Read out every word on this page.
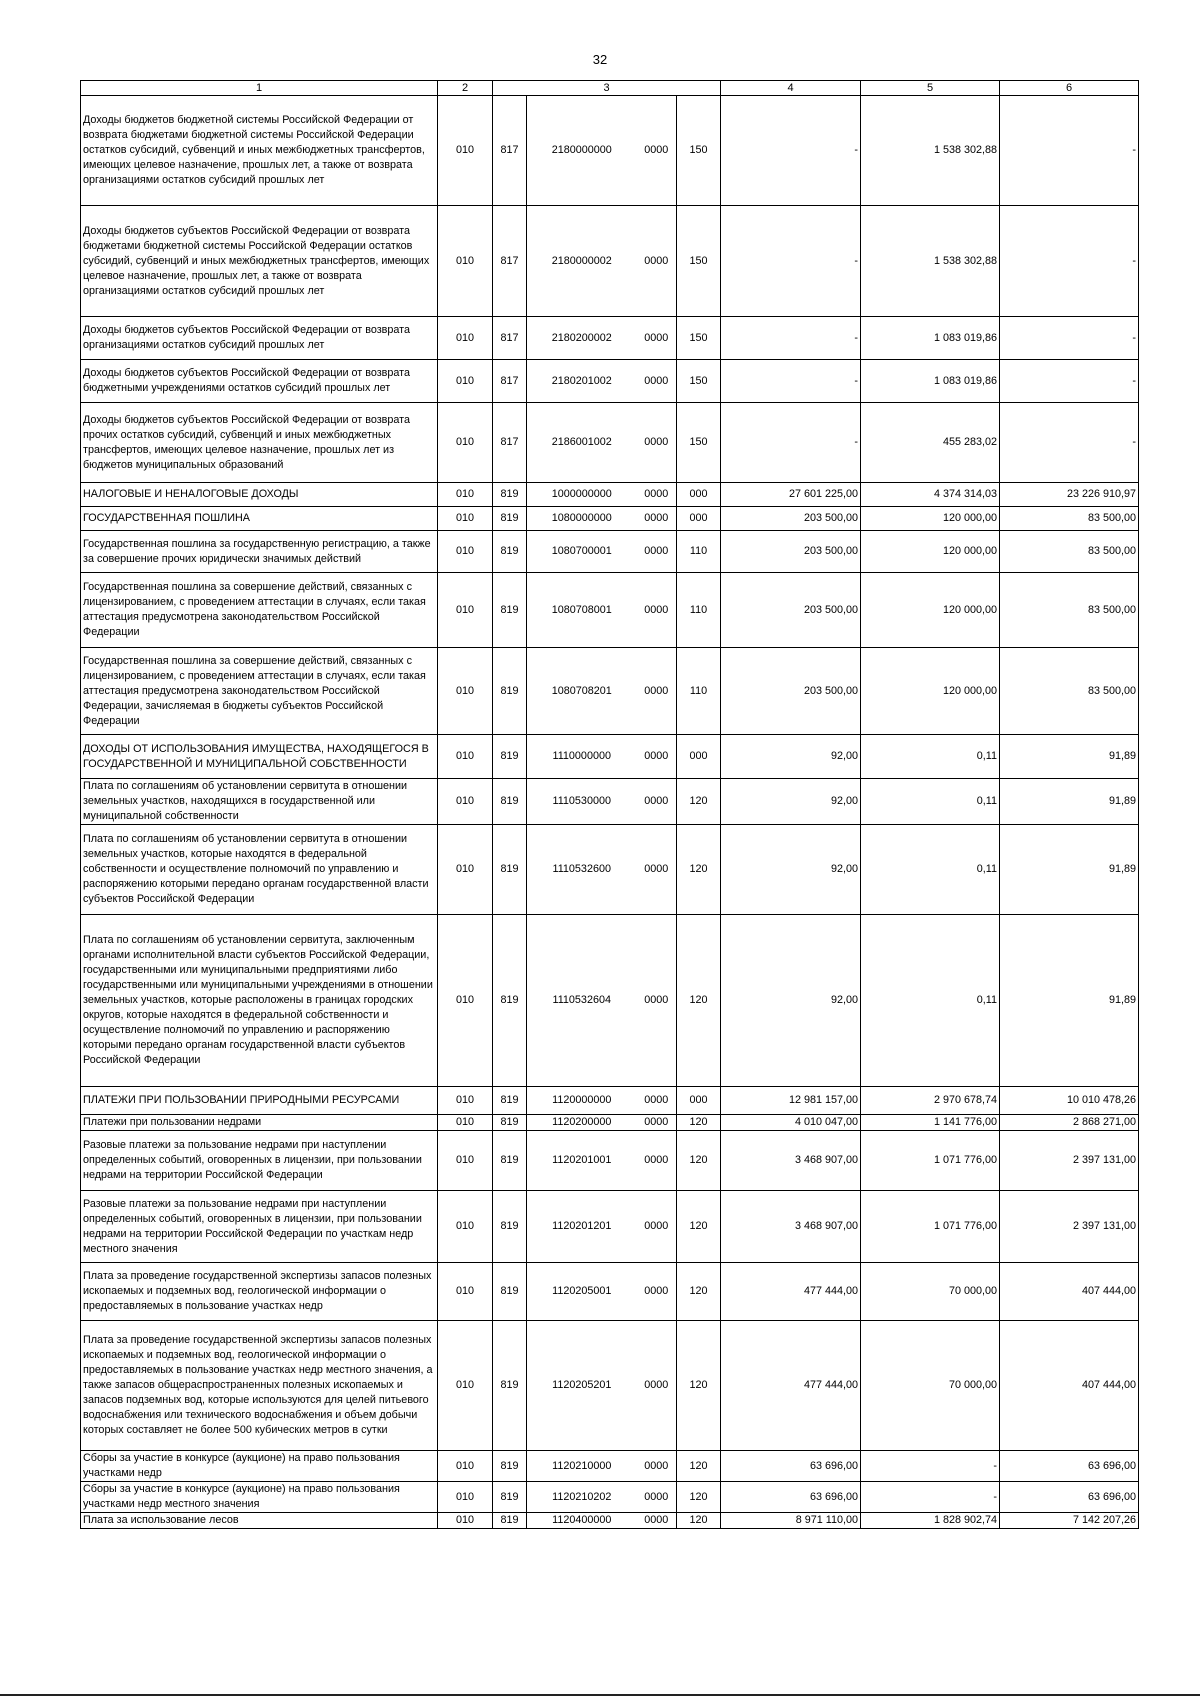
32
1	2	3				4	5	6
Доходы бюджетов бюджетной системы Российской Федерации от возврата бюджетами бюджетной системы Российской Федерации остатков субсидий, субвенций и иных межбюджетных трансфертов, имеющих целевое назначение, прошлых лет, а также от возврата организациями остатков субсидий прошлых лет	010	817	2180000000	0000	150	-	1 538 302,88	-
Доходы бюджетов субъектов Российской Федерации от возврата бюджетами бюджетной системы Российской Федерации остатков субсидий, субвенций и иных межбюджетных трансфертов, имеющих целевое назначение, прошлых лет, а также от возврата организациями остатков субсидий прошлых лет	010	817	2180000002	0000	150	-	1 538 302,88	-
Доходы бюджетов субъектов Российской Федерации от возврата организациями остатков субсидий прошлых лет	010	817	2180200002	0000	150	-	1 083 019,86	-
Доходы бюджетов субъектов Российской Федерации от возврата бюджетными учреждениями остатков субсидий прошлых лет	010	817	2180201002	0000	150	-	1 083 019,86	-
Доходы бюджетов субъектов Российской Федерации от возврата прочих остатков субсидий, субвенций и иных межбюджетных трансфертов, имеющих целевое назначение, прошлых лет из бюджетов муниципальных образований	010	817	2186001002	0000	150	-	455 283,02	-
НАЛОГОВЫЕ И НЕНАЛОГОВЫЕ ДОХОДЫ	010	819	1000000000	0000	000	27 601 225,00	4 374 314,03	23 226 910,97
ГОСУДАРСТВЕННАЯ ПОШЛИНА	010	819	1080000000	0000	000	203 500,00	120 000,00	83 500,00
Государственная пошлина за государственную регистрацию, а также за совершение прочих юридически значимых действий	010	819	1080700001	0000	110	203 500,00	120 000,00	83 500,00
Государственная пошлина за совершение действий, связанных с лицензированием, с проведением аттестации в случаях, если такая аттестация предусмотрена законодательством Российской Федерации	010	819	1080708001	0000	110	203 500,00	120 000,00	83 500,00
Государственная пошлина за совершение действий, связанных с лицензированием, с проведением аттестации в случаях, если такая аттестация предусмотрена законодательством Российской Федерации, зачисляемая в бюджеты субъектов Российской Федерации	010	819	1080708201	0000	110	203 500,00	120 000,00	83 500,00
ДОХОДЫ ОТ ИСПОЛЬЗОВАНИЯ ИМУЩЕСТВА, НАХОДЯЩЕГОСЯ В ГОСУДАРСТВЕННОЙ И МУНИЦИПАЛЬНОЙ СОБСТВЕННОСТИ	010	819	1110000000	0000	000	92,00	0,11	91,89
Плата по соглашениям об установлении сервитута в отношении земельных участков, находящихся в государственной или муниципальной собственности	010	819	1110530000	0000	120	92,00	0,11	91,89
Плата по соглашениям об установлении сервитута в отношении земельных участков, которые находятся в федеральной собственности и осуществление полномочий по управлению и распоряжению которыми передано органам государственной власти субъектов Российской Федерации	010	819	1110532600	0000	120	92,00	0,11	91,89
Плата по соглашениям об установлении сервитута, заключенным органами исполнительной власти субъектов Российской Федерации, государственными или муниципальными предприятиями либо государственными или муниципальными учреждениями в отношении земельных участков, которые расположены в границах городских округов, которые находятся в федеральной собственности и осуществление полномочий по управлению и распоряжению которыми передано органам государственной власти субъектов Российской Федерации	010	819	1110532604	0000	120	92,00	0,11	91,89
ПЛАТЕЖИ ПРИ ПОЛЬЗОВАНИИ ПРИРОДНЫМИ РЕСУРСАМИ	010	819	1120000000	0000	000	12 981 157,00	2 970 678,74	10 010 478,26
Платежи при пользовании недрами	010	819	1120200000	0000	120	4 010 047,00	1 141 776,00	2 868 271,00
Разовые платежи за пользование недрами при наступлении определенных событий, оговоренных в лицензии, при пользовании недрами на территории Российской Федерации	010	819	1120201001	0000	120	3 468 907,00	1 071 776,00	2 397 131,00
Разовые платежи за пользование недрами при наступлении определенных событий, оговоренных в лицензии, при пользовании недрами на территории Российской Федерации по участкам недр местного значения	010	819	1120201201	0000	120	3 468 907,00	1 071 776,00	2 397 131,00
Плата за проведение государственной экспертизы запасов полезных ископаемых и подземных вод, геологической информации о предоставляемых в пользование участках недр	010	819	1120205001	0000	120	477 444,00	70 000,00	407 444,00
Плата за проведение государственной экспертизы запасов полезных ископаемых и подземных вод, геологической информации о предоставляемых в пользование участках недр местного значения, а также запасов общераспространенных полезных ископаемых и запасов подземных вод, которые используются для целей питьевого водоснабжения или технического водоснабжения и объем добычи которых составляет не более 500 кубических метров в сутки	010	819	1120205201	0000	120	477 444,00	70 000,00	407 444,00
Сборы за участие в конкурсе (аукционе) на право пользования участками недр	010	819	1120210000	0000	120	63 696,00	-	63 696,00
Сборы за участие в конкурсе (аукционе) на право пользования участками недр местного значения	010	819	1120210202	0000	120	63 696,00	-	63 696,00
Плата за использование лесов	010	819	1120400000	0000	120	8 971 110,00	1 828 902,74	7 142 207,26
